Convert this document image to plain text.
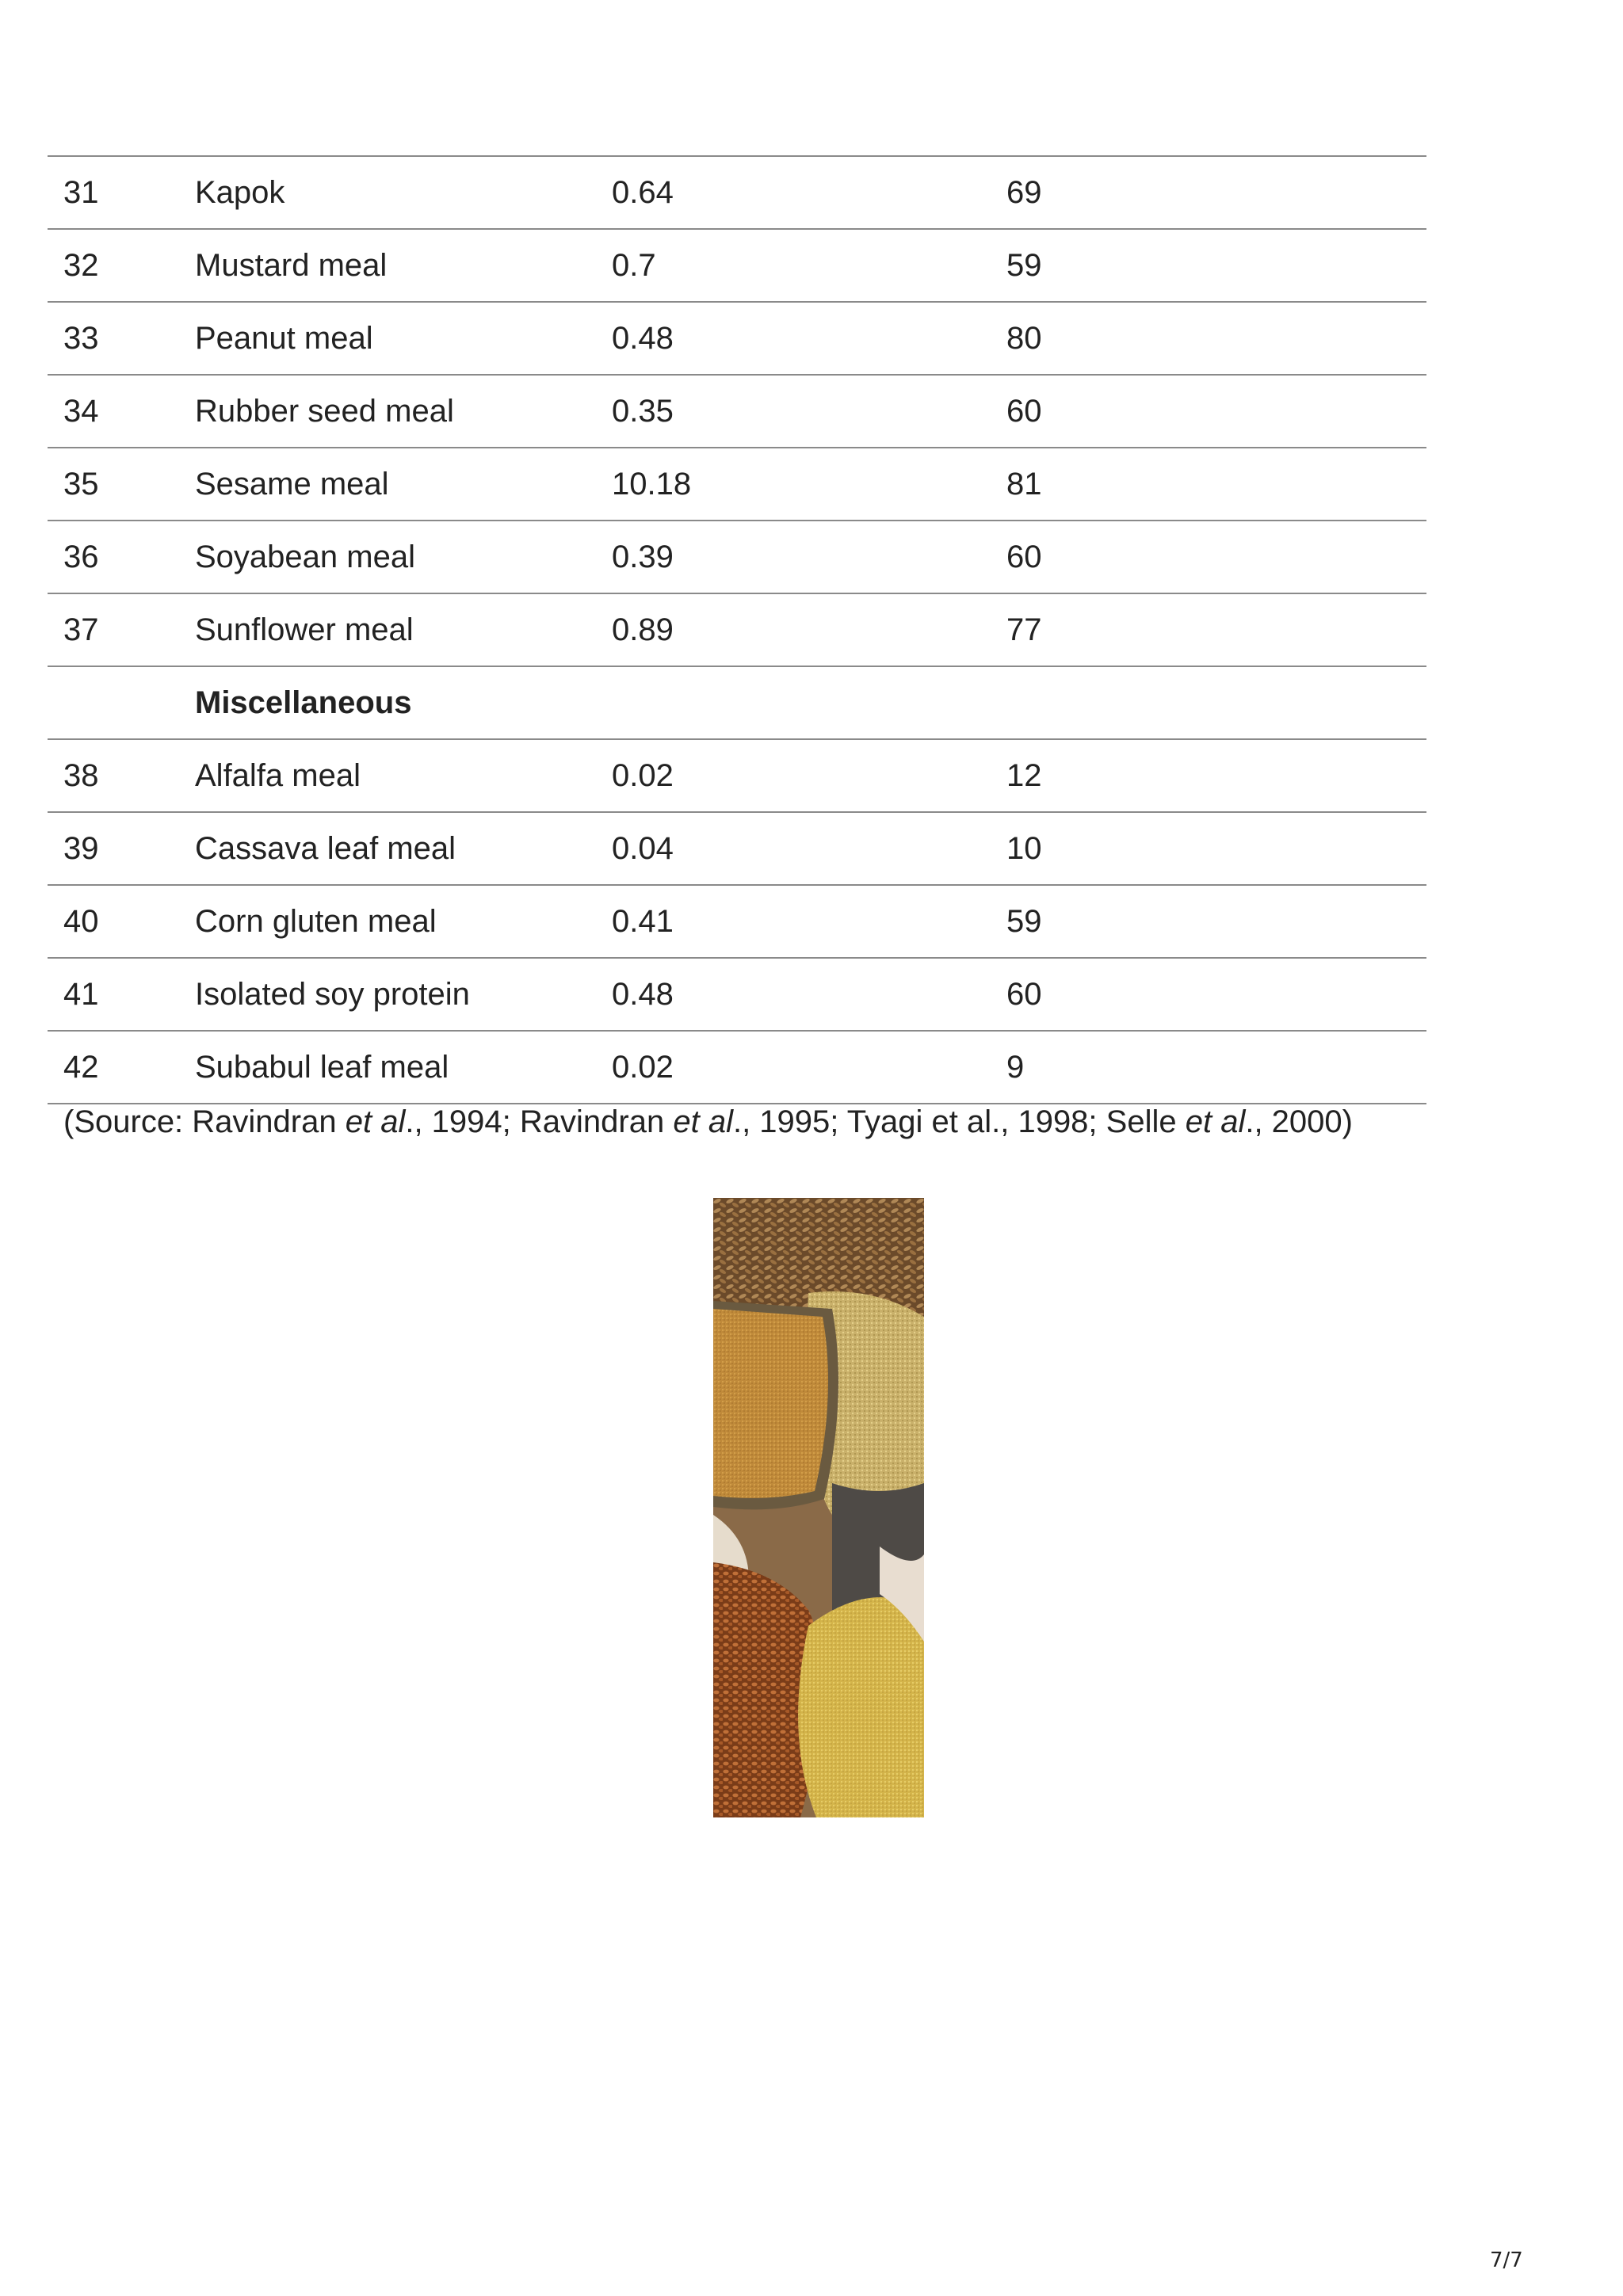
31	Kapok	0.64	69
32	Mustard meal	0.7	59
33	Peanut meal	0.48	80
34	Rubber seed meal	0.35	60
35	Sesame meal	10.18	81
36	Soyabean meal	0.39	60
37	Sunflower meal	0.89	77
	Miscellaneous		
38	Alfalfa meal	0.02	12
39	Cassava leaf meal	0.04	10
40	Corn gluten meal	0.41	59
41	Isolated soy protein	0.48	60
42	Subabul leaf meal	0.02	9
(Source: Ravindran et al., 1994; Ravindran et al., 1995; Tyagi et al., 1998; Selle et al., 2000)
7/7
